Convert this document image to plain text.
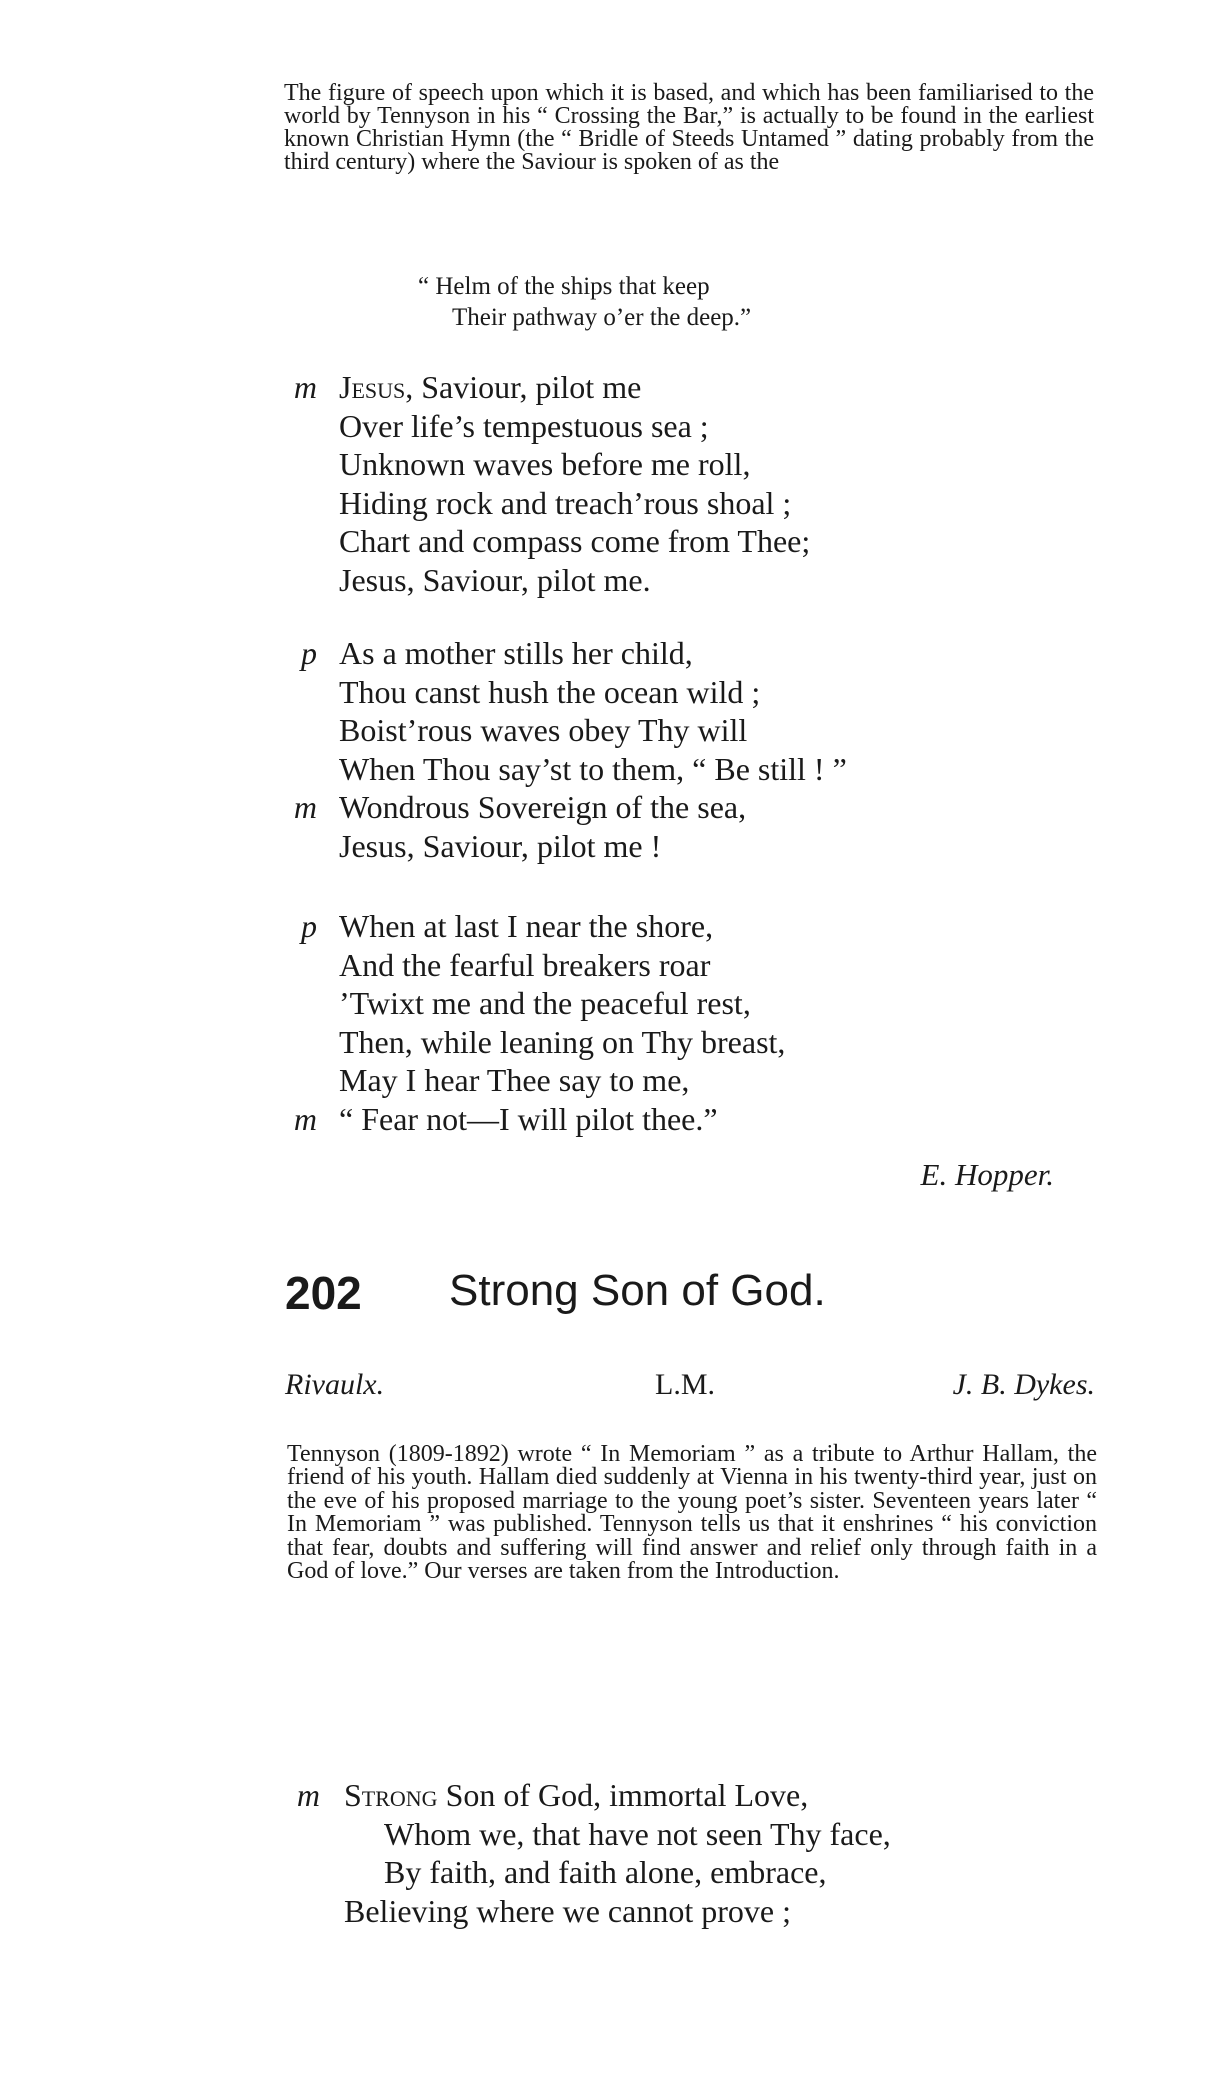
The figure of speech upon which it is based, and which has been familiarised to the world by Tennyson in his “ Crossing the Bar,” is actually to be found in the earliest known Christian Hymn (the “ Bridle of Steeds Untamed ” dating probably from the third century) where the Saviour is spoken of as the

“ Helm of the ships that keep
Their pathway o’er the deep.”
m Jesus, Saviour, pilot me
Over life’s tempestuous sea ;
Unknown waves before me roll,
Hiding rock and treach’rous shoal ;
Chart and compass come from Thee;
Jesus, Saviour, pilot me.
p As a mother stills her child,
Thou canst hush the ocean wild ;
Boist’rous waves obey Thy will
When Thou say’st to them, “ Be still ! ”
m Wondrous Sovereign of the sea,
Jesus, Saviour, pilot me !
p When at last I near the shore,
And the fearful breakers roar
’Twixt me and the peaceful rest,
Then, while leaning on Thy breast,
May I hear Thee say to me,
m “ Fear not—I will pilot thee.”
E. Hopper.
202 Strong Son of God.
Rivaulx.	L.M.	J. B. Dykes.

Tennyson (1809-1892) wrote “ In Memoriam ” as a tribute to Arthur Hallam, the friend of his youth. Hallam died suddenly at Vienna in his twenty-third year, just on the eve of his proposed marriage to the young poet’s sister. Seventeen years later “ In Memoriam ” was published. Tennyson tells us that it enshrines “ his conviction that fear, doubts and suffering will find answer and relief only through faith in a God of love.” Our verses are taken from the Introduction.

m Strong Son of God, immortal Love,
Whom we, that have not seen Thy face,
By faith, and faith alone, embrace,
Believing where we cannot prove ;
